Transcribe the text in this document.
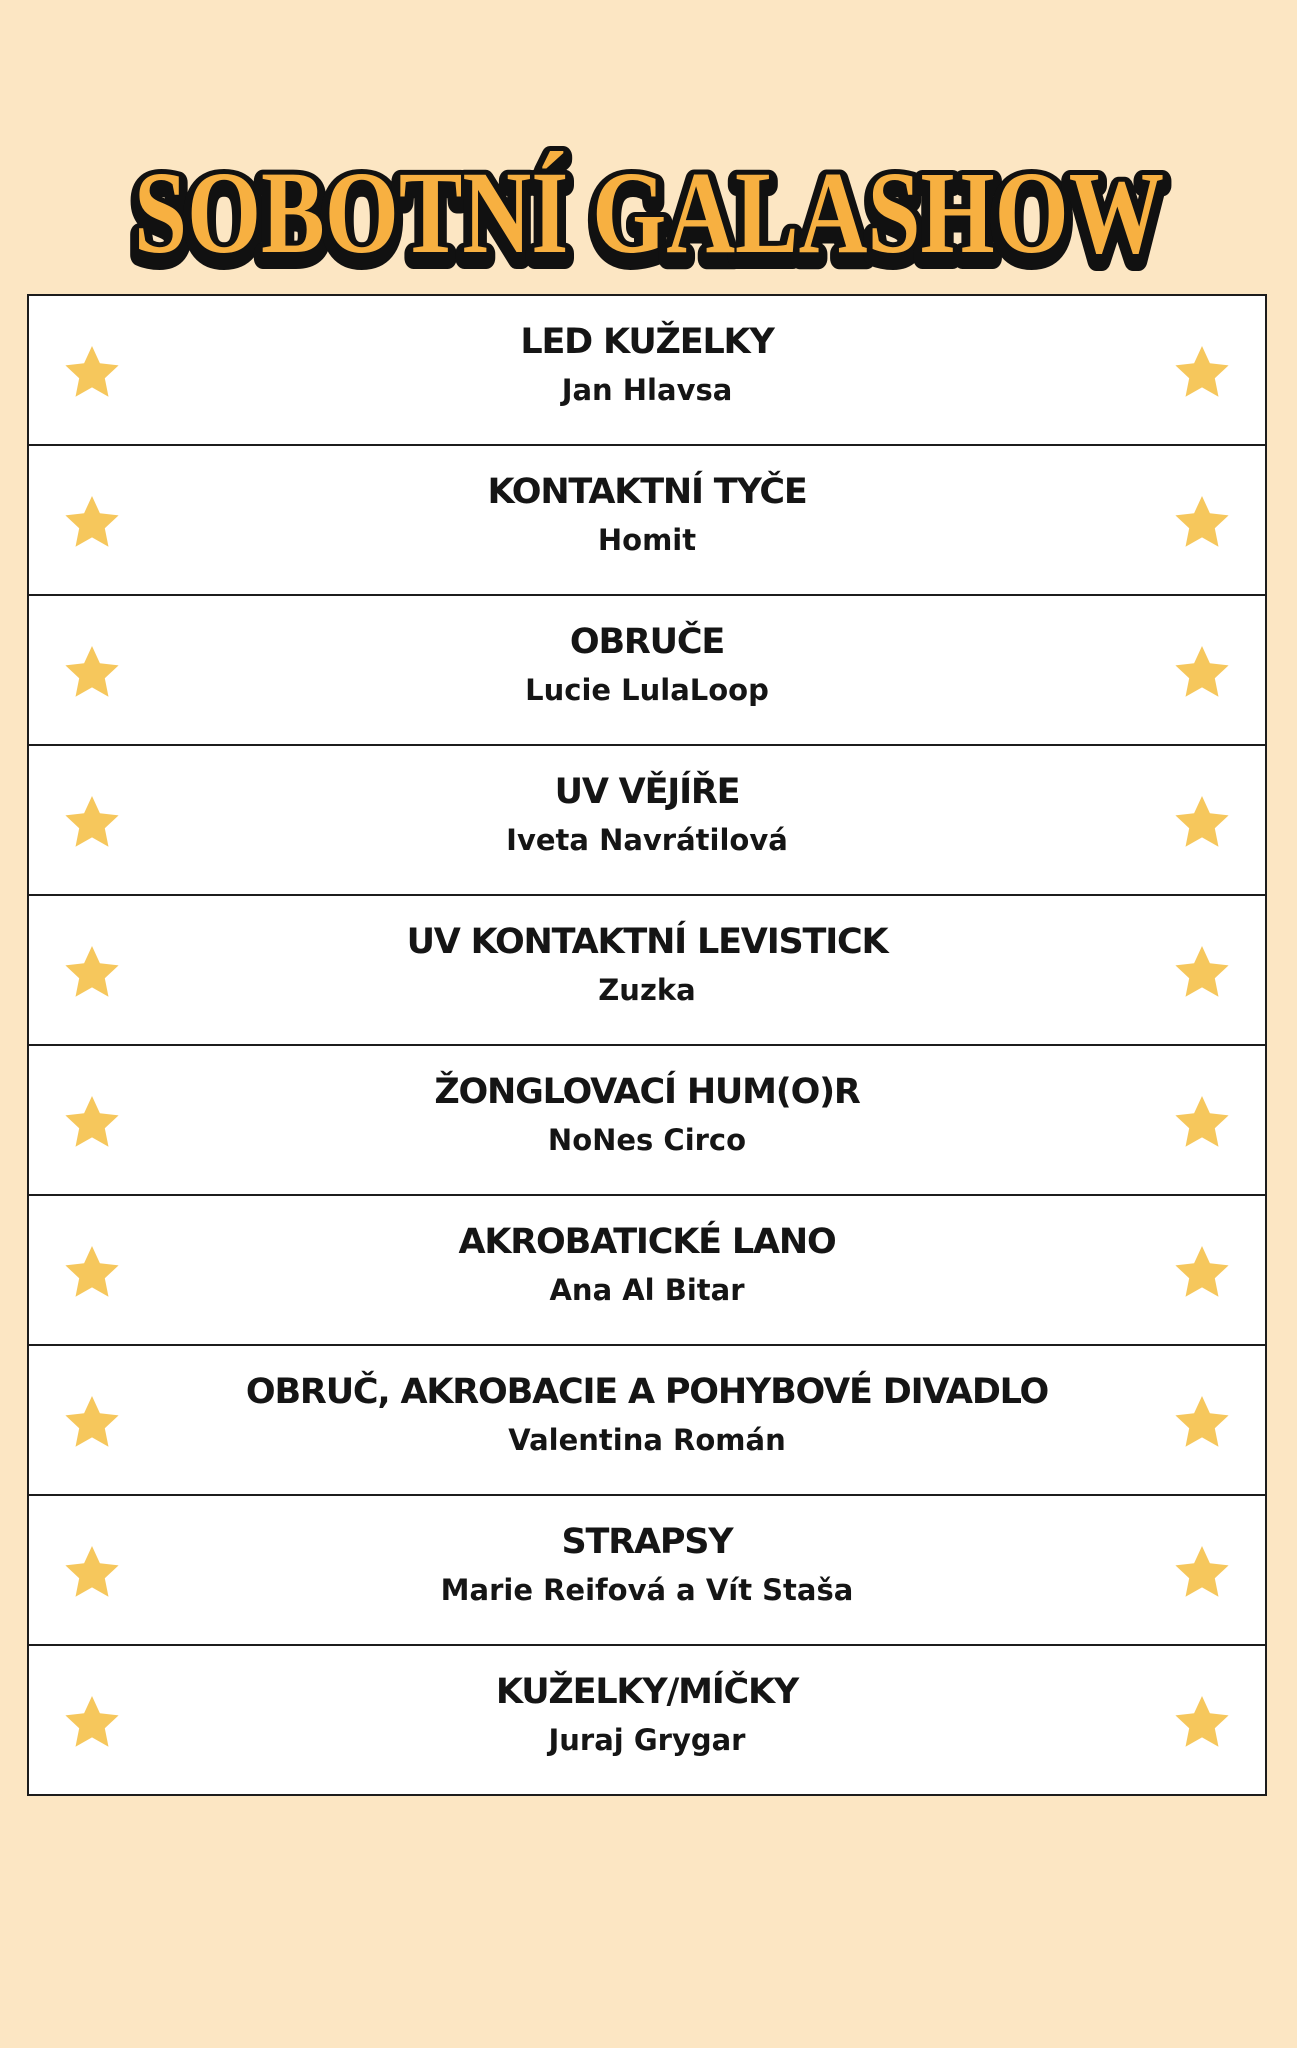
SOBOTNÍ GALASHOW
SOBOTNÍ GALASHOW
LED KUŽELKY
Jan Hlavsa
KONTAKTNÍ TYČE
Homit
OBRUČE
Lucie LulaLoop
UV VĚJÍŘE
Iveta Navrátilová
UV KONTAKTNÍ LEVISTICK
Zuzka
ŽONGLOVACÍ HUM(O)R
NoNes Circo
AKROBATICKÉ LANO
Ana Al Bitar
OBRUČ, AKROBACIE A POHYBOVÉ DIVADLO
Valentina Román
STRAPSY
Marie Reifová a Vít Staša
KUŽELKY/MÍČKY
Juraj Grygar
